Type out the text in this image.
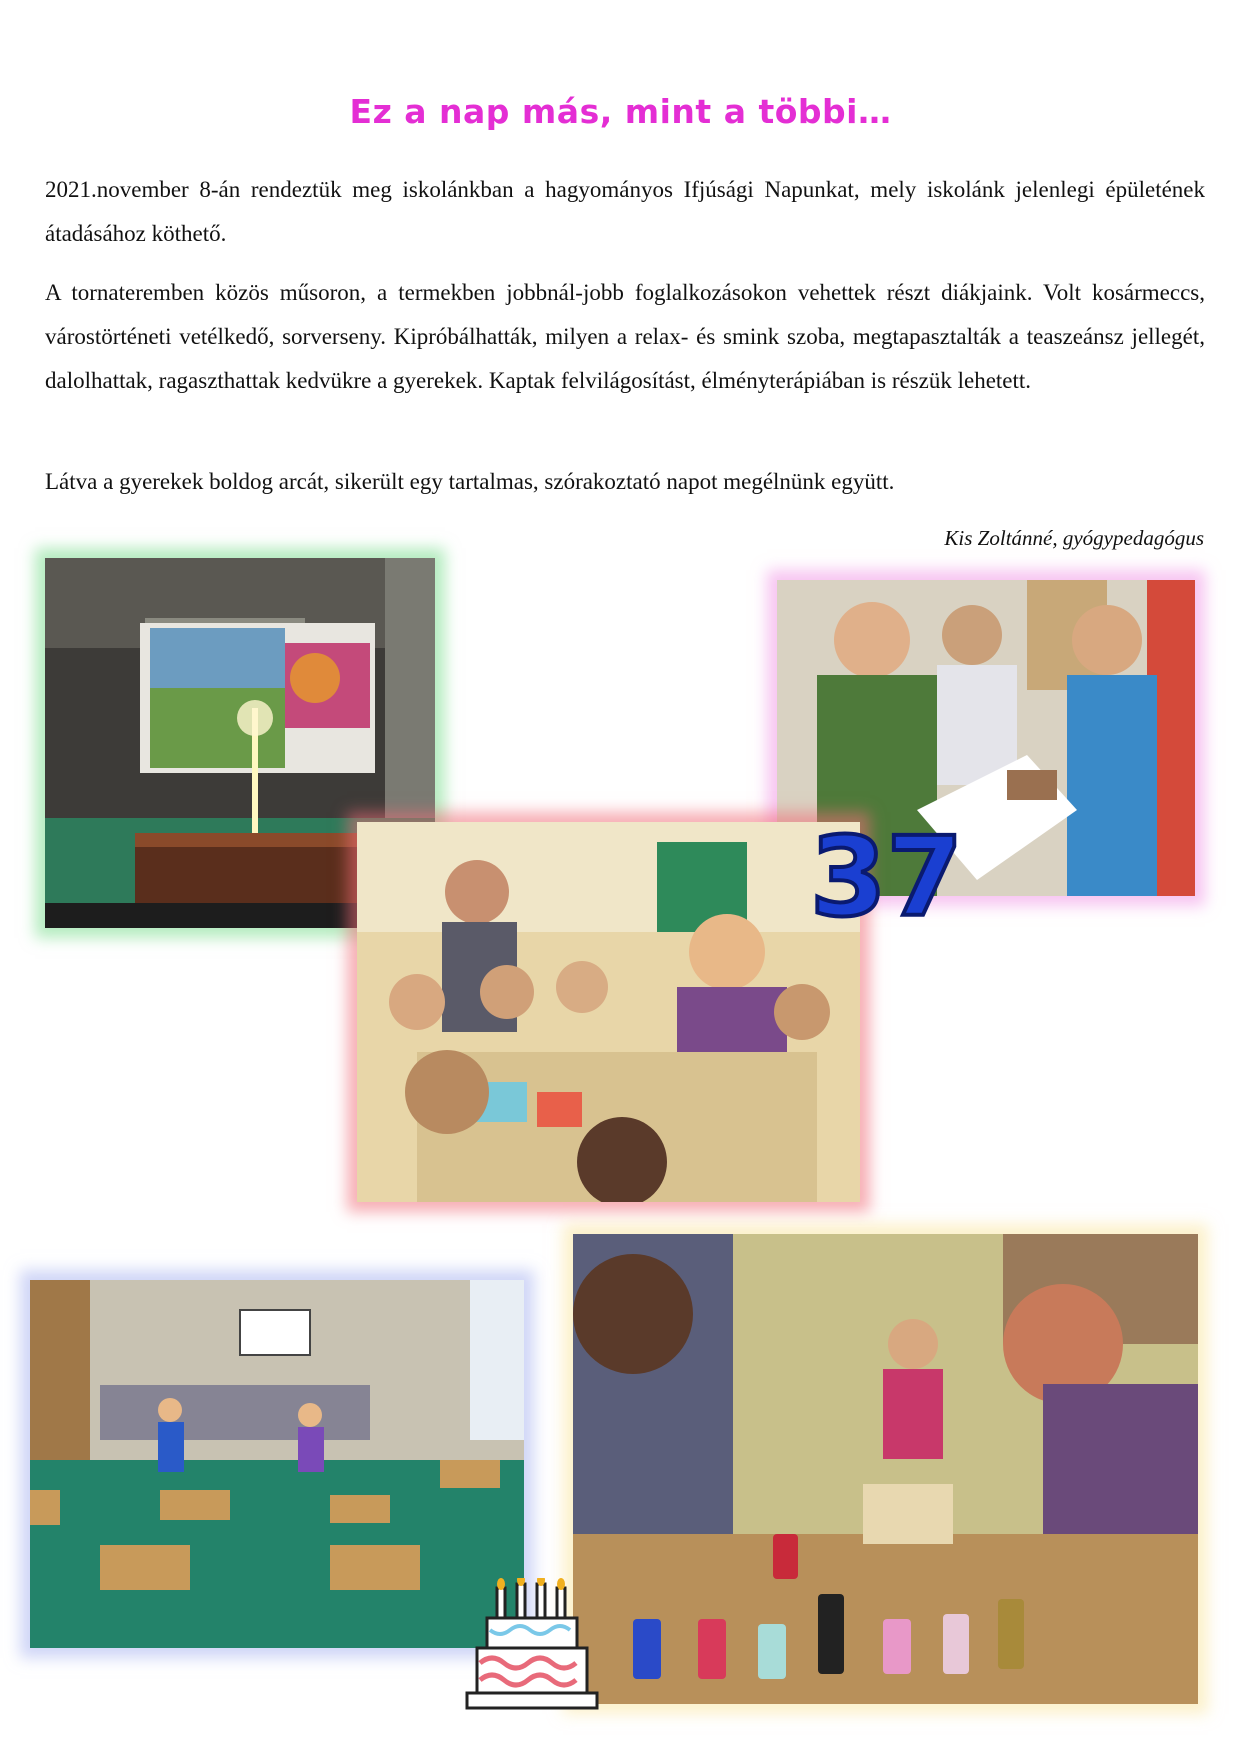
Ez a nap más, mint a többi…

2021.november 8-án rendeztük meg iskolánkban a hagyományos Ifjúsági Napunkat, mely iskolánk jelenlegi épületének átadásához köthető.

A tornateremben közös műsoron, a termekben jobbnál-jobb foglalkozásokon vehettek részt diákjaink. Volt kosármeccs, várostörténeti vetélkedő, sorverseny. Kipróbálhatták, milyen a relax- és smink szoba, megtapasztalták a teaszeánsz jellegét, dalolhattak, ragaszthattak kedvükre a gyerekek. Kaptak felvilágosítást, élményterápiában is részük lehetett.

Látva a gyerekek boldog arcát, sikerült egy tartalmas, szórakoztató napot megélnünk együtt.

Kis Zoltánné, gyógypedagógus
37
